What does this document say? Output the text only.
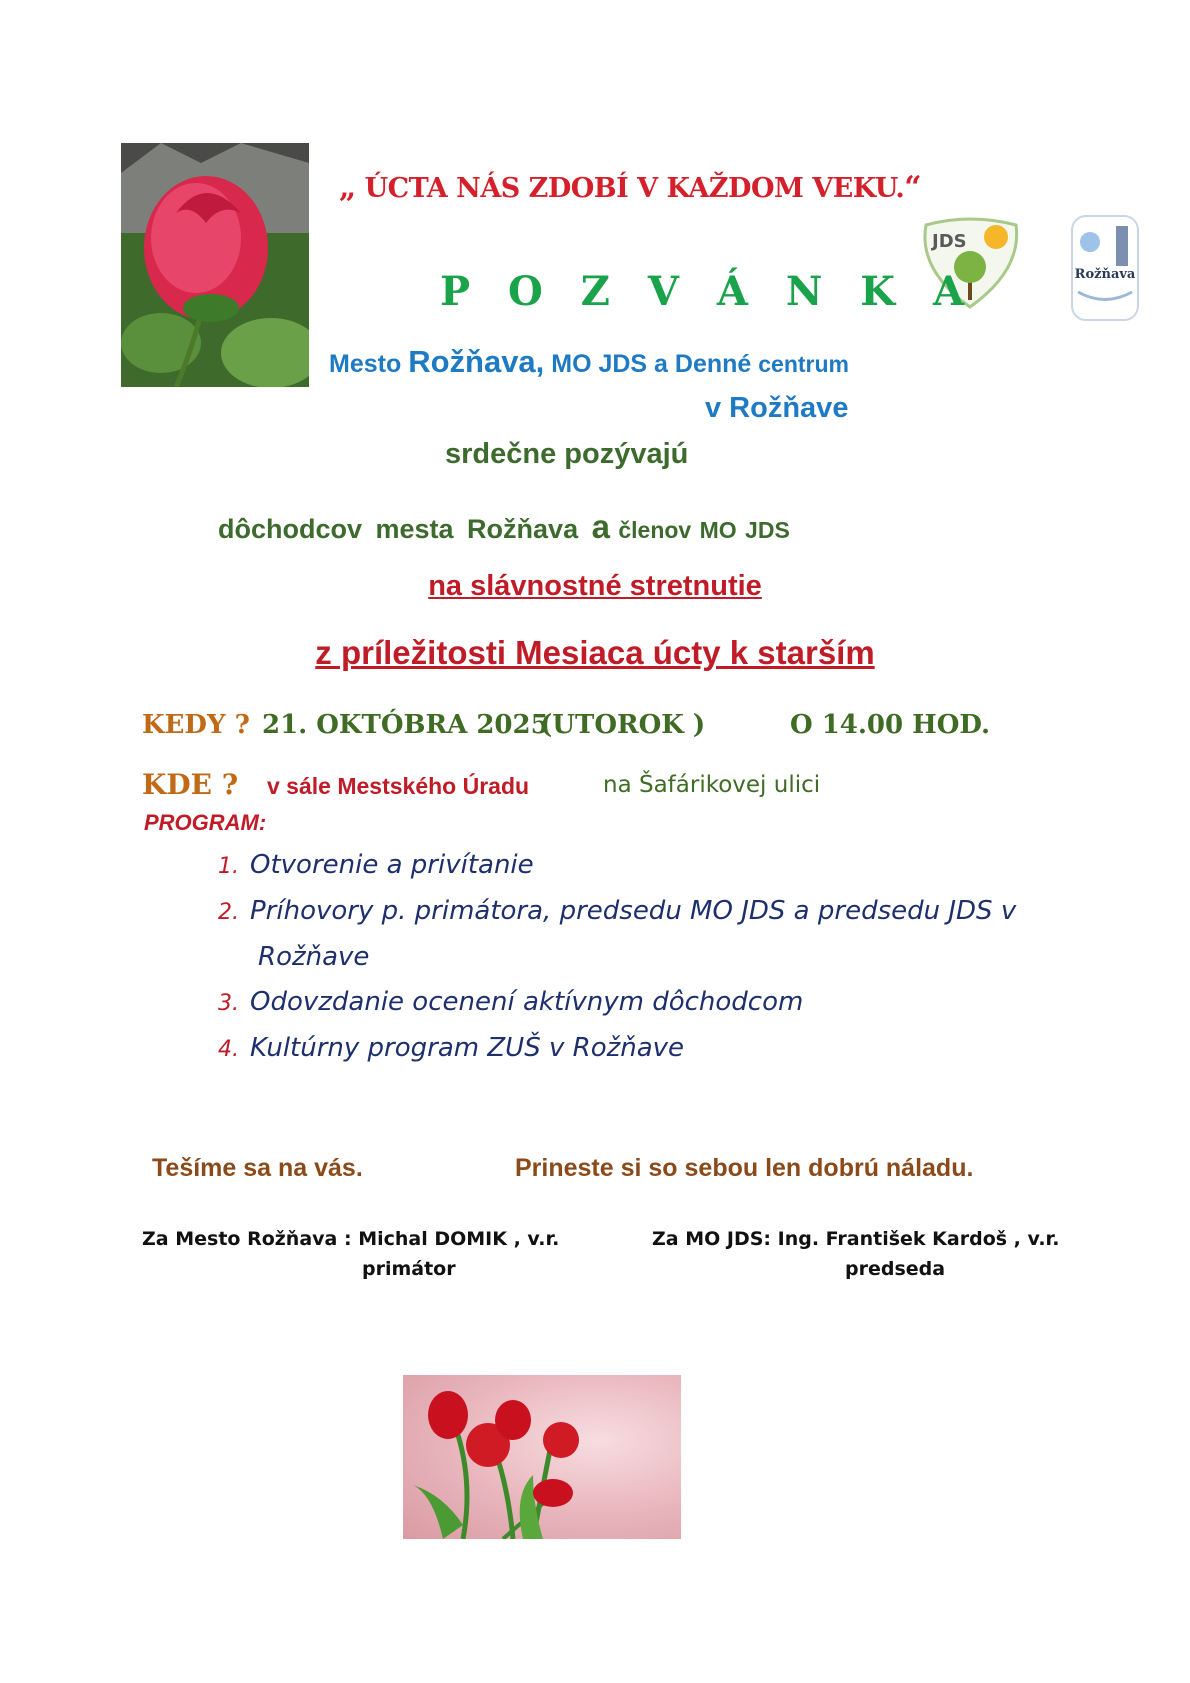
„ ÚCTA NÁS ZDOBÍ V KAŽDOM VEKU.“
JDS
Rožňava
P O Z V Á N K A
Mesto Rožňava, MO JDS a Denné centrum
v Rožňave
srdečne pozývajú
dôchodcov mesta Rožňava a členov MO JDS
na slávnostné stretnutie
z príležitosti Mesiaca úcty k starším
KEDY ? 21. OKTÓBRA 2025
(UTOROK )	O 14.00 HOD.
KDE ? v sále Mestského Úradu	na Šafárikovej ulici
PROGRAM:
1. Otvorenie a privítanie
2. Príhovory p. primátora, predsedu MO JDS a predsedu JDS v
Rožňave
3. Odovzdanie ocenení aktívnym dôchodcom
4. Kultúrny program ZUŠ v Rožňave
Tešíme sa na vás.	Prineste si so sebou len dobrú náladu.
Za Mesto Rožňava : Michal DOMIK , v.r.
primátor
Za MO JDS: Ing. František Kardoš , v.r.
predseda
